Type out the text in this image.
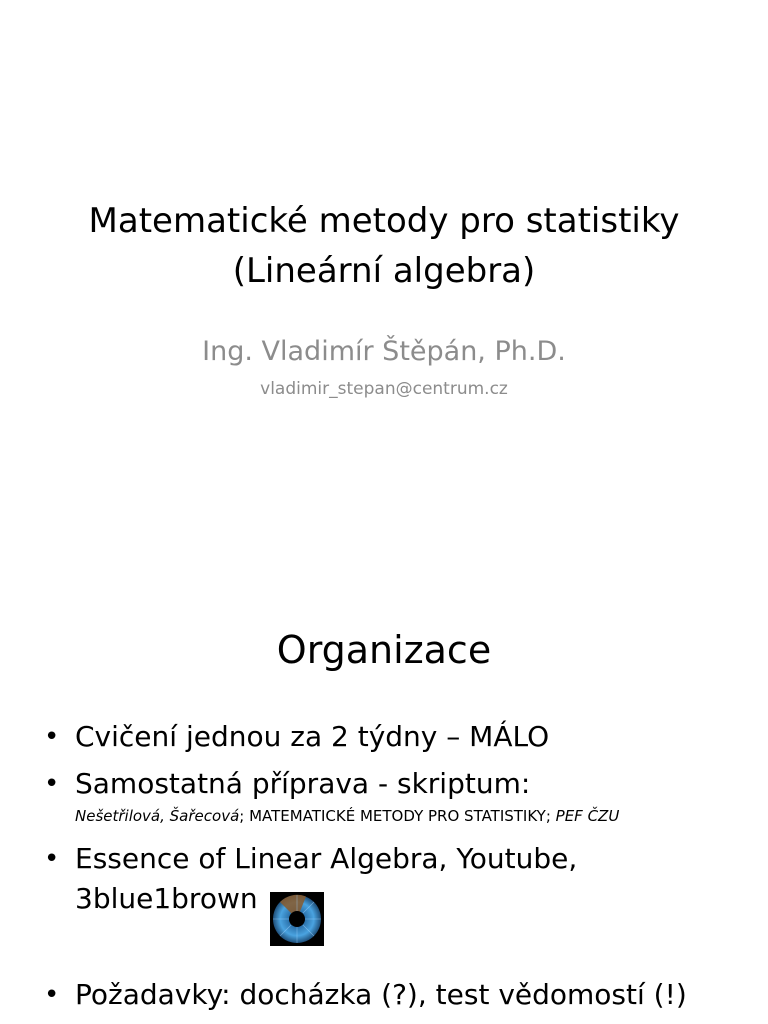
Matematické metody pro statistiky
(Lineární algebra)
Ing. Vladimír Štěpán, Ph.D.
vladimir_stepan@centrum.cz
Organizace
• Cvičení jednou za 2 týdny – MÁLO
• Samostatná příprava - skriptum:
• Essence of Linear Algebra, Youtube,
3blue1brown
• Požadavky: docházka (?), test vědomostí (!)
Nešetřilová, Šařecová; MATEMATICKÉ METODY PRO STATISTIKY; PEF ČZU
